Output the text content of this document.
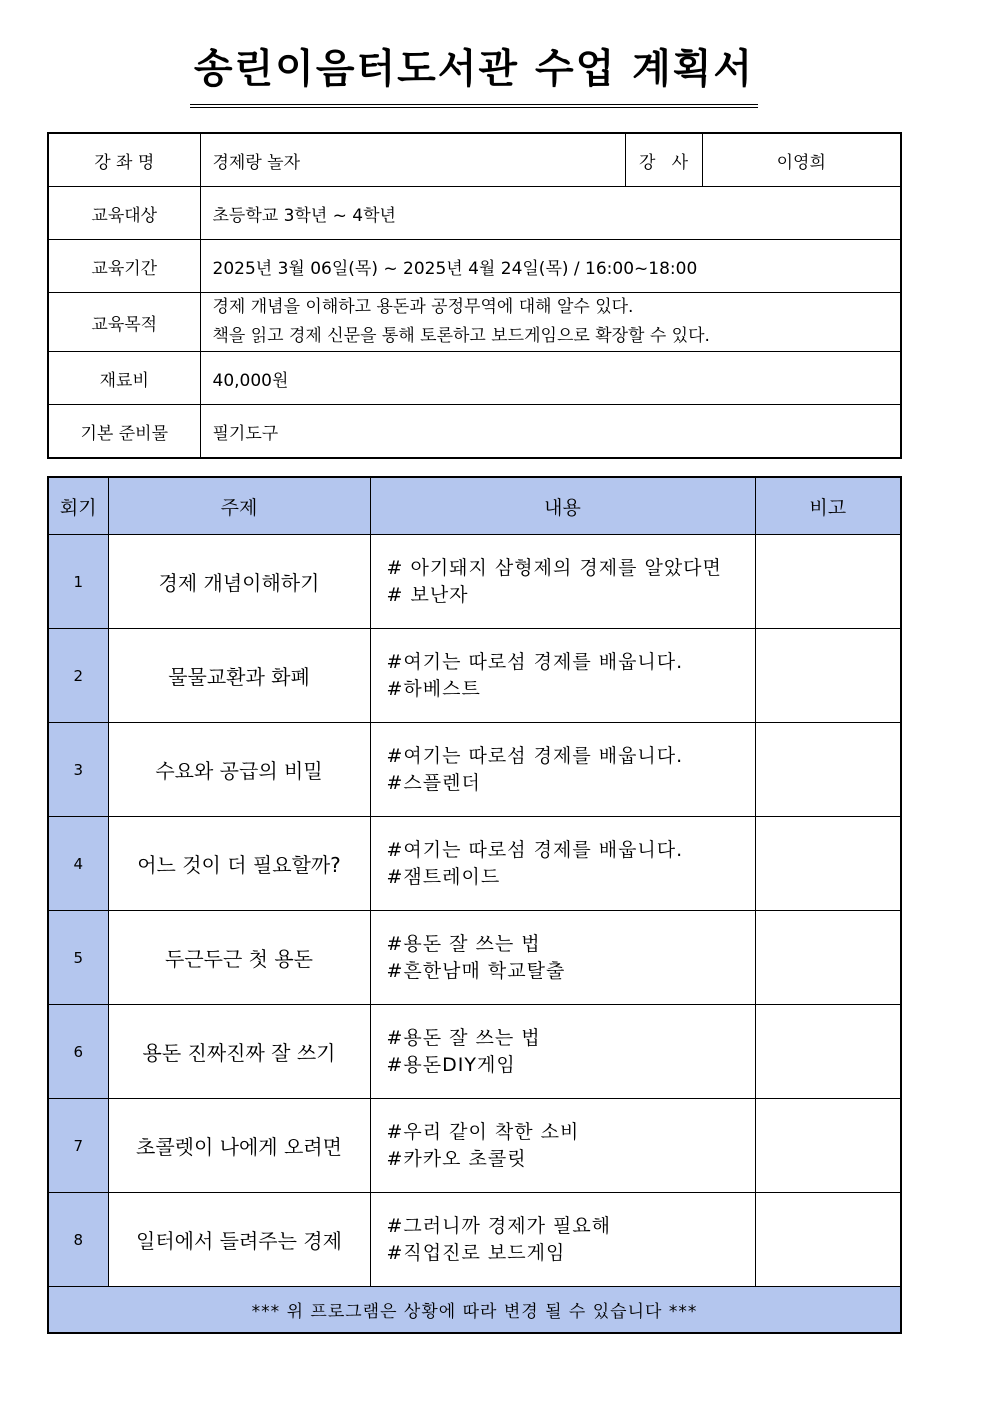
송린이음터도서관 수업 계획서
강 좌 명	경제랑 놀자	강   사	이영희
교육대상	초등학교 3학년 ~ 4학년		
교육기간	2025년 3월 06일(목) ~ 2025년 4월 24일(목) / 16:00~18:00		
교육목적	경제 개념을 이해하고 용돈과 공정무역에 대해 알수 있다.
책을 읽고 경제 신문을 통해 토론하고 보드게임으로 확장할 수 있다.		

재료비	40,000원		
기본 준비물	필기도구		
회기	주제	내용	비고
1	경제 개념이해하기	# 아기돼지 삼형제의 경제를 알았다면
# 보난자	

2	물물교환과 화폐	#여기는 따로섬 경제를 배웁니다.
#하베스트	

3	수요와 공급의 비밀	#여기는 따로섬 경제를 배웁니다.
#스플렌더	

4	어느 것이 더 필요할까?	#여기는 따로섬 경제를 배웁니다.
#잼트레이드	

5	두근두근 첫 용돈	#용돈 잘 쓰는 법
#흔한남매 학교탈출	

6	용돈 진짜진짜 잘 쓰기	#용돈 잘 쓰는 법
#용돈DIY게임	

7	초콜렛이 나에게 오려면	#우리 같이 착한 소비
#카카오 초콜릿	

8	일터에서 들려주는 경제	#그러니까 경제가 필요해
#직업진로 보드게임	

*** 위 프로그램은 상황에 따라 변경 될 수 있습니다 ***			
